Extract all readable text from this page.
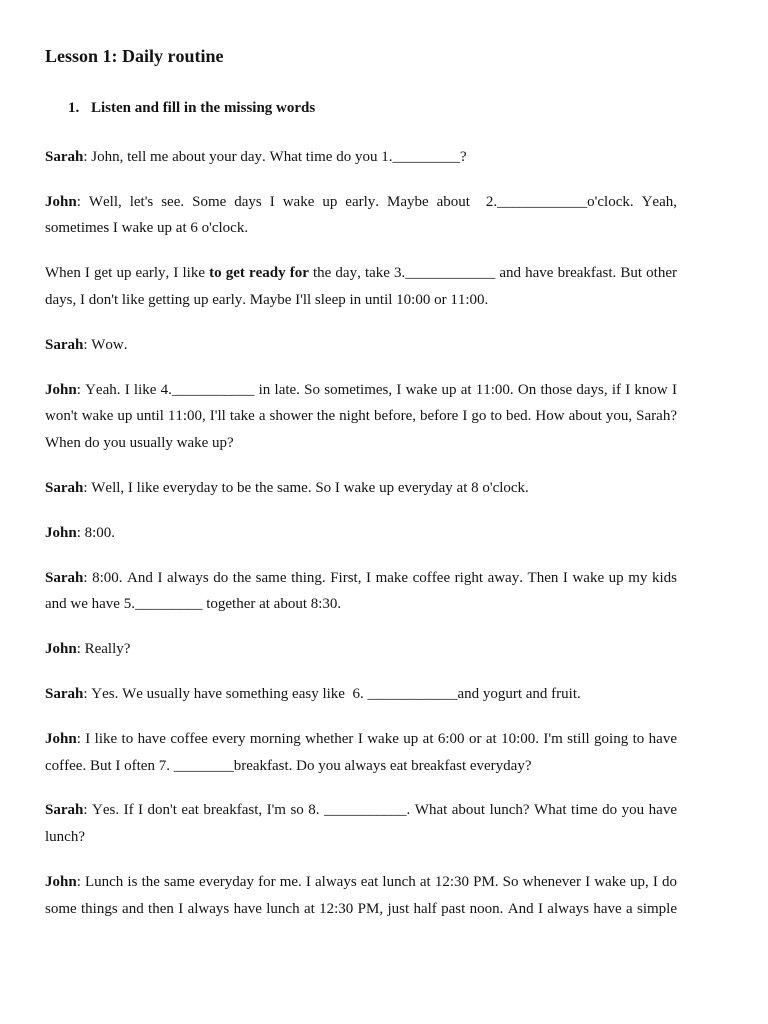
Lesson 1: Daily routine
1. Listen and fill in the missing words

Sarah: John, tell me about your day. What time do you 1._________?

John: Well, let's see. Some days I wake up early. Maybe about  2.____________o'clock. Yeah, sometimes I wake up at 6 o'clock.

When I get up early, I like to get ready for the day, take 3.____________ and have breakfast. But other days, I don't like getting up early. Maybe I'll sleep in until 10:00 or 11:00.

Sarah: Wow.

John: Yeah. I like 4.___________ in late. So sometimes, I wake up at 11:00. On those days, if I know I won't wake up until 11:00, I'll take a shower the night before, before I go to bed. How about you, Sarah? When do you usually wake up?

Sarah: Well, I like everyday to be the same. So I wake up everyday at 8 o'clock.

John: 8:00.

Sarah: 8:00. And I always do the same thing. First, I make coffee right away. Then I wake up my kids and we have 5._________ together at about 8:30.

John: Really?

Sarah: Yes. We usually have something easy like  6. ____________and yogurt and fruit.

John: I like to have coffee every morning whether I wake up at 6:00 or at 10:00. I'm still going to have coffee. But I often 7. ________breakfast. Do you always eat breakfast everyday?

Sarah: Yes. If I don't eat breakfast, I'm so 8. ___________. What about lunch? What time do you have lunch?

John: Lunch is the same everyday for me. I always eat lunch at 12:30 PM. So whenever I wake up, I do some things and then I always have lunch at 12:30 PM, just half past noon. And I always have a simple
